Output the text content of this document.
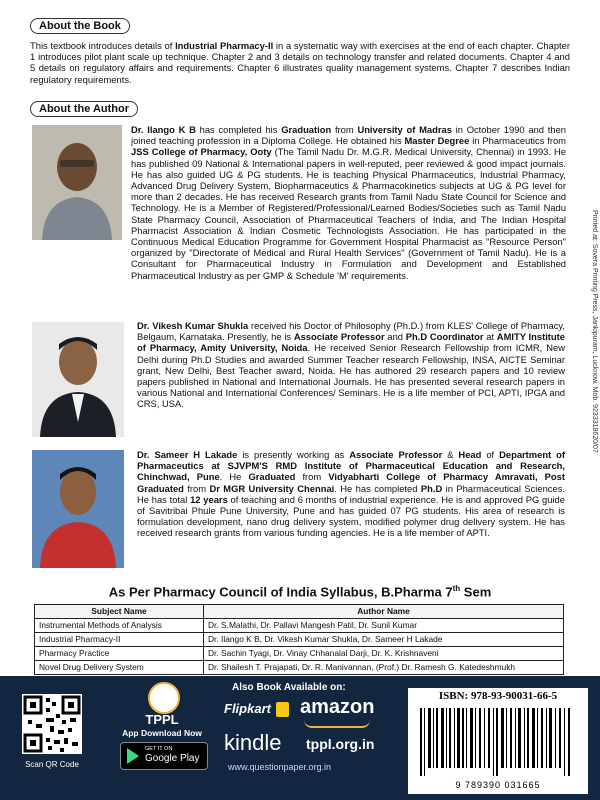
About the Book
This textbook introduces details of Industrial Pharmacy-II in a systematic way with exercises at the end of each chapter. Chapter 1 introduces pilot plant scale up technique. Chapter 2 and 3 details on technology transfer and related documents. Chapter 4 and 5 details on regulatory affairs and requirements. Chapter 6 illustrates quality management systems. Chapter 7 describes Indian regulatory requirements.
About the Author
Dr. Ilango K B has completed his Graduation from University of Madras in October 1990 and then joined teaching profession in a Diploma College. He obtained his Master Degree in Pharmaceutics from JSS College of Pharmacy, Ooty (The Tamil Nadu Dr. M.G.R. Medical University, Chennai) in 1993. He has published 09 National & International papers in well-reputed, peer reviewed & good impact journals. He has also guided UG & PG students. He is teaching Physical Pharmaceutics, Industrial Pharmacy, Advanced Drug Delivery System, Biopharmaceutics & Pharmacokinetics subjects at UG & PG level for more than 2 decades. He has received Research grants from Tamil Nadu State Council for Science and Technology. He is a Member of Registered/Professional/Learned Bodies/Societies such as Tamil Nadu State Pharmacy Council, Association of Pharmaceutical Teachers of India, and The Indian Hospital Pharmacist Association & Indian Cosmetic Technologists Association. He has participated in the Continuous Medical Education Programme for Government Hospital Pharmacist as "Resource Person" organized by "Directorate of Medical and Rural Health Services" (Government of Tamil Nadu). He is a Consultant for Pharmaceutical Industry in Formulation and Development and Established Pharmaceutical Industry as per GMP & Schedule 'M' requirements.
Dr. Vikesh Kumar Shukla received his Doctor of Philosophy (Ph.D.) from KLES' College of Pharmacy, Belgaum, Karnataka. Presently, he is Associate Professor and Ph.D Coordinator at AMITY Institute of Pharmacy, Amity University, Noida. He received Senior Research Fellowship from ICMR, New Delhi during Ph.D Studies and awarded Summer Teacher research Fellowship, INSA, AICTE Seminar grant, New Delhi, Best Teacher award, Noida. He has authored 29 research papers and 10 review papers published in National and International Journals. He has presented several research papers in various National and International Conferences/ Seminars. He is a life member of PCI, APTI, IPGA and CRS, USA.
Dr. Sameer H Lakade is presently working as Associate Professor & Head of Department of Pharmaceutics at SJVPM'S RMD Institute of Pharmaceutical Education and Research, Chinchwad, Pune. He Graduated from Vidyabharti College of Pharmacy Amravati, Post Graduated from Dr MGR University Chennai. He has completed Ph.D in Pharmaceutical Sciences. He has total 12 years of teaching and 6 months of industrial experience. He is and approved PG guide of Savitribai Phule Pune University, Pune and has guided 07 PG students. His area of research is formulation development, nano drug delivery system, modified polymer drug delivery system. He has received research grants from various funding agencies. He is a life member of APTI.
Printed at: Sovera Printing Press, Jankipuram, Lucknow. Mob. 9233318620/07
As Per Pharmacy Council of India Syllabus, B.Pharma 7th Sem
Subject Name	Author Name
Instrumental Methods of Analysis	Dr. S.Malathi, Dr. Pallavi Mangesh Patil, Dr. Sunil Kumar
Industrial Pharmacy-II	Dr. Ilango K B, Dr. Vikesh Kumar Shukla, Dr. Sameer H Lakade
Pharmacy Practice	Dr. Sachin Tyagi, Dr. Vinay Chhanalal Darji, Dr. K. Krishnaveni
Novel Drug Delivery System	Dr. Shailesh T. Prajapati, Dr. R. Manivannan, (Prof.) Dr. Ramesh G. Katedeshmukh
Scan QR Code
TPPL
App Download Now
GET IT ON
Google Play
Also Book Available on:
Flipkart	amazon
kindle tppl.org.in
www.questionpaper.org.in
ISBN: 978-93-90031-66-5
9 789390 031665
